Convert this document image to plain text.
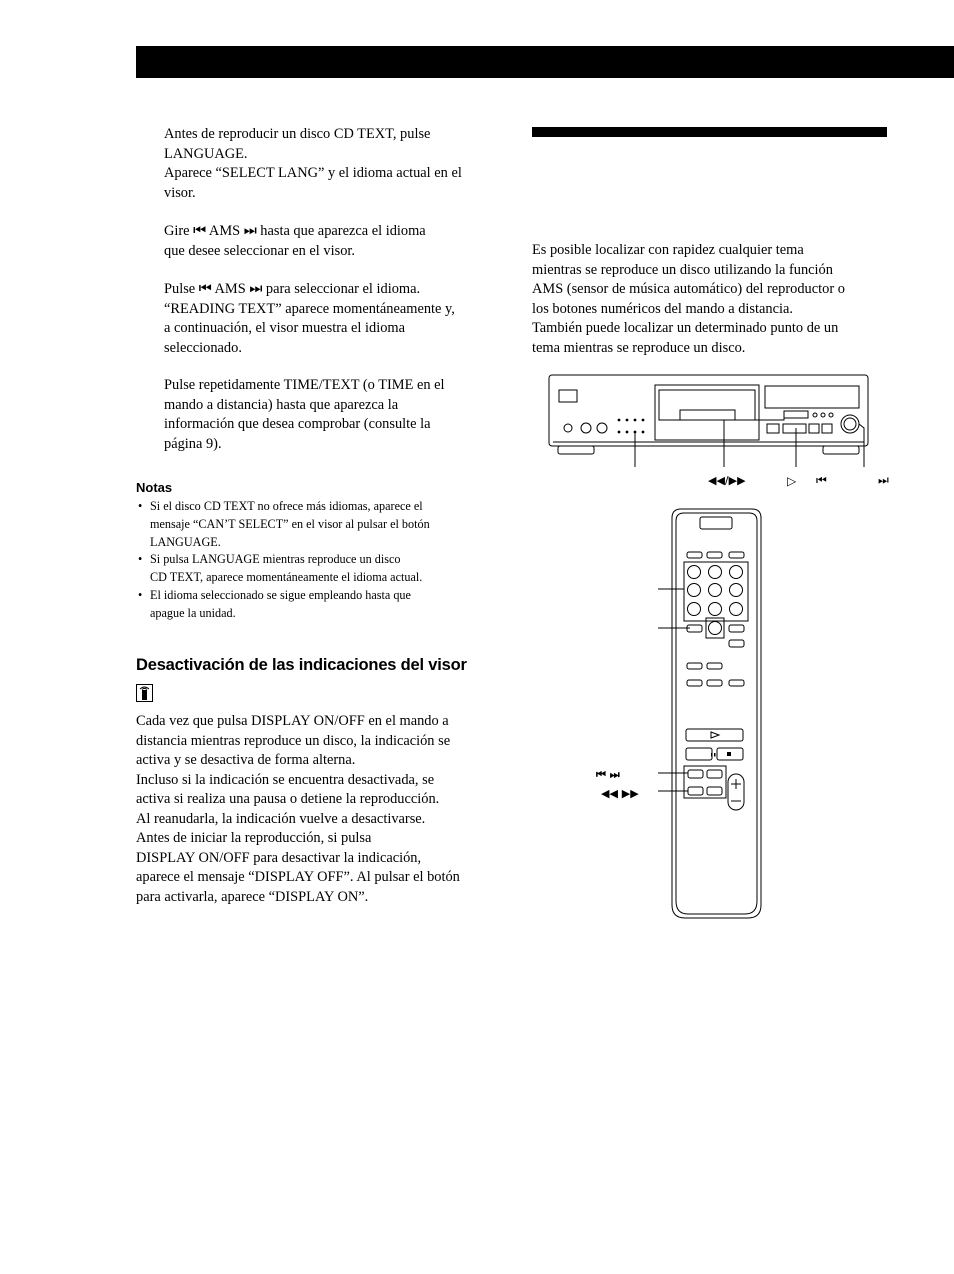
Antes de reproducir un disco CD TEXT, pulse
LANGUAGE.
Aparece “SELECT LANG” y el idioma actual en el
visor.
Gire ⏮ AMS ⏭ hasta que aparezca el idioma
que desee seleccionar en el visor.
Pulse ⏮ AMS ⏭ para seleccionar el idioma.
“READING TEXT” aparece momentáneamente y,
a continuación, el visor muestra el idioma
seleccionado.
Pulse repetidamente TIME/TEXT (o TIME en el
mando a distancia) hasta que aparezca la
información que desea comprobar (consulte la
página 9).
Notas
• Si el disco CD TEXT no ofrece más idiomas, aparece el
mensaje “CAN’T SELECT” en el visor al pulsar el botón
LANGUAGE.
• Si pulsa LANGUAGE mientras reproduce un disco
CD TEXT, aparece momentáneamente el idioma actual.
• El idioma seleccionado se sigue empleando hasta que
apague la unidad.
Desactivación de las indicaciones del visor
Cada vez que pulsa DISPLAY ON/OFF en el mando a
distancia mientras reproduce un disco, la indicación se
activa y se desactiva de forma alterna.
Incluso si la indicación se encuentra desactivada, se
activa si realiza una pausa o detiene la reproducción.
Al reanudarla, la indicación vuelve a desactivarse.
Antes de iniciar la reproducción, si pulsa
DISPLAY ON/OFF para desactivar la indicación,
aparece el mensaje “DISPLAY OFF”. Al pulsar el botón
para activarla, aparece “DISPLAY ON”.
Es posible localizar con rapidez cualquier tema
mientras se reproduce un disco utilizando la función
AMS (sensor de música automático) del reproductor o
los botones numéricos del mando a distancia.
También puede localizar un determinado punto de un
tema mientras se reproduce un disco.
◀◀/▶▶	▷ ⏮	⏭
⏮ ⏭
◀◀ ▶▶
